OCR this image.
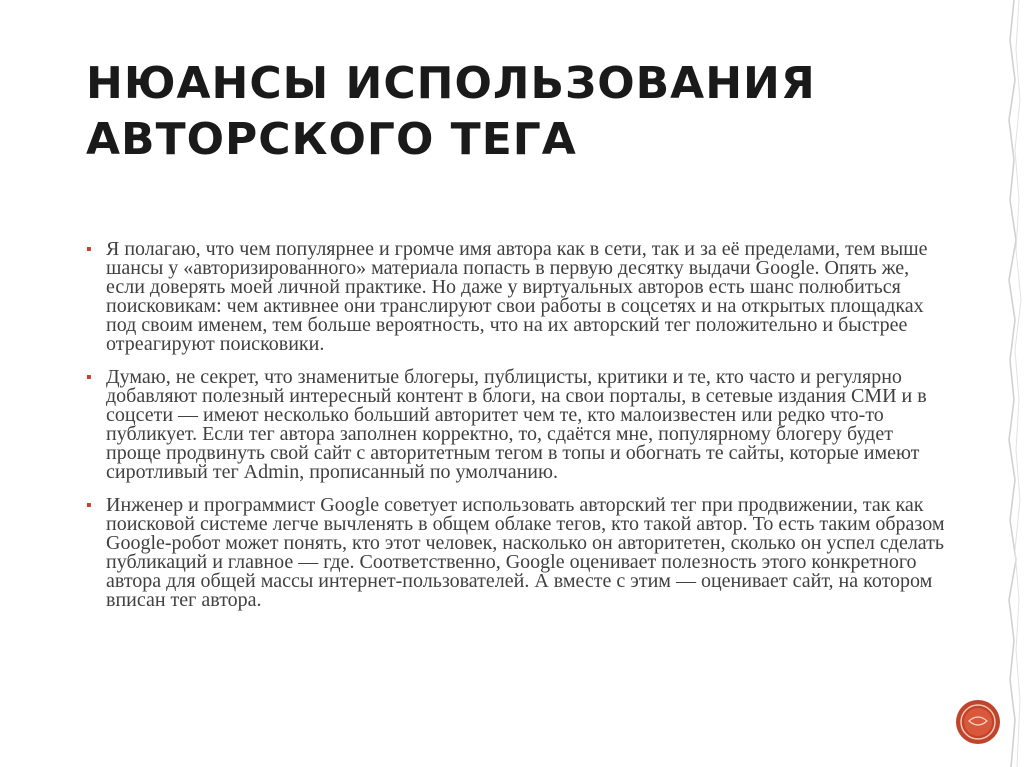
НЮАНСЫ ИСПОЛЬЗОВАНИЯ
АВТОРСКОГО ТЕГА
▪ Я полагаю, что чем популярнее и громче имя автора как в сети, так и за её пределами, тем выше шансы у «авторизированного» материала попасть в первую десятку выдачи Google. Опять же, если доверять моей личной практике. Но даже у виртуальных авторов есть шанс полюбиться поисковикам: чем активнее они транслируют свои работы в соцсетях и на открытых площадках под своим именем, тем больше вероятность, что на их авторский тег положительно и быстрее отреагируют поисковики.
▪ Думаю, не секрет, что знаменитые блогеры, публицисты, критики и те, кто часто и регулярно добавляют полезный интересный контент в блоги, на свои порталы, в сетевые издания СМИ и в соцсети — имеют несколько больший авторитет чем те, кто малоизвестен или редко что-то публикует. Если тег автора заполнен корректно, то, сдаётся мне, популярному блогеру будет проще продвинуть свой сайт с авторитетным тегом в топы и обогнать те сайты, которые имеют сиротливый тег Admin, прописанный по умолчанию.
▪ Инженер и программист Google советует использовать авторский тег при продвижении, так как поисковой системе легче вычленять в общем облаке тегов, кто такой автор. То есть таким образом Google-робот может понять, кто этот человек, насколько он авторитетен, сколько он успел сделать публикаций и главное — где. Соответственно, Google оценивает полезность этого конкретного автора для общей массы интернет-пользователей. А вместе с этим — оценивает сайт, на котором вписан тег автора.
